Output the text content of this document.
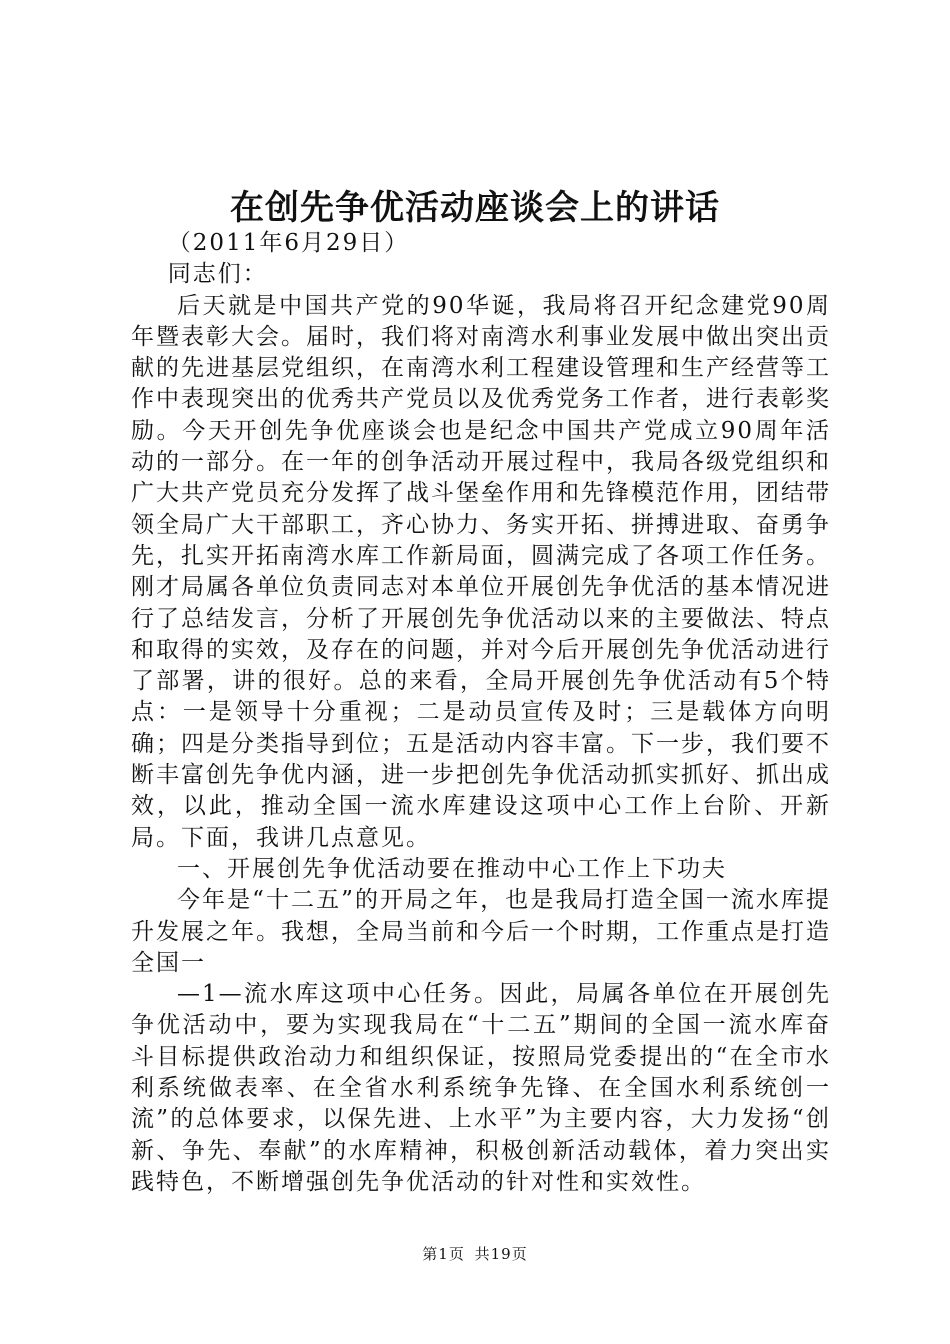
在创先争优活动座谈会上的讲话

（2011年6月29日）

同志们：

后天就是中国共产党的90华诞，我局将召开纪念建党90周年暨表彰大会。届时，我们将对南湾水利事业发展中做出突出贡献的先进基层党组织，在南湾水利工程建设管理和生产经营等工作中表现突出的优秀共产党员以及优秀党务工作者，进行表彰奖励。今天开创先争优座谈会也是纪念中国共产党成立90周年活动的一部分。在一年的创争活动开展过程中，我局各级党组织和广大共产党员充分发挥了战斗堡垒作用和先锋模范作用，团结带领全局广大干部职工，齐心协力、务实开拓、拼搏进取、奋勇争先，扎实开拓南湾水库工作新局面，圆满完成了各项工作任务。刚才局属各单位负责同志对本单位开展创先争优活的基本情况进行了总结发言，分析了开展创先争优活动以来的主要做法、特点和取得的实效，及存在的问题，并对今后开展创先争优活动进行了部署，讲的很好。总的来看，全局开展创先争优活动有5个特点：一是领导十分重视；二是动员宣传及时；三是载体方向明确；四是分类指导到位；五是活动内容丰富。下一步，我们要不断丰富创先争优内涵，进一步把创先争优活动抓实抓好、抓出成效，以此，推动全国一流水库建设这项中心工作上台阶、开新局。下面，我讲几点意见。

一、开展创先争优活动要在推动中心工作上下功夫

今年是“十二五”的开局之年，也是我局打造全国一流水库提升发展之年。我想，全局当前和今后一个时期，工作重点是打造全国一

—1—流水库这项中心任务。因此，局属各单位在开展创先争优活动中，要为实现我局在“十二五”期间的全国一流水库奋斗目标提供政治动力和组织保证，按照局党委提出的“在全市水利系统做表率、在全省水利系统争先锋、在全国水利系统创一流”的总体要求，以保先进、上水平”为主要内容，大力发扬“创新、争先、奉献”的水库精神，积极创新活动载体，着力突出实践特色，不断增强创先争优活动的针对性和实效性。

第1页 共19页
